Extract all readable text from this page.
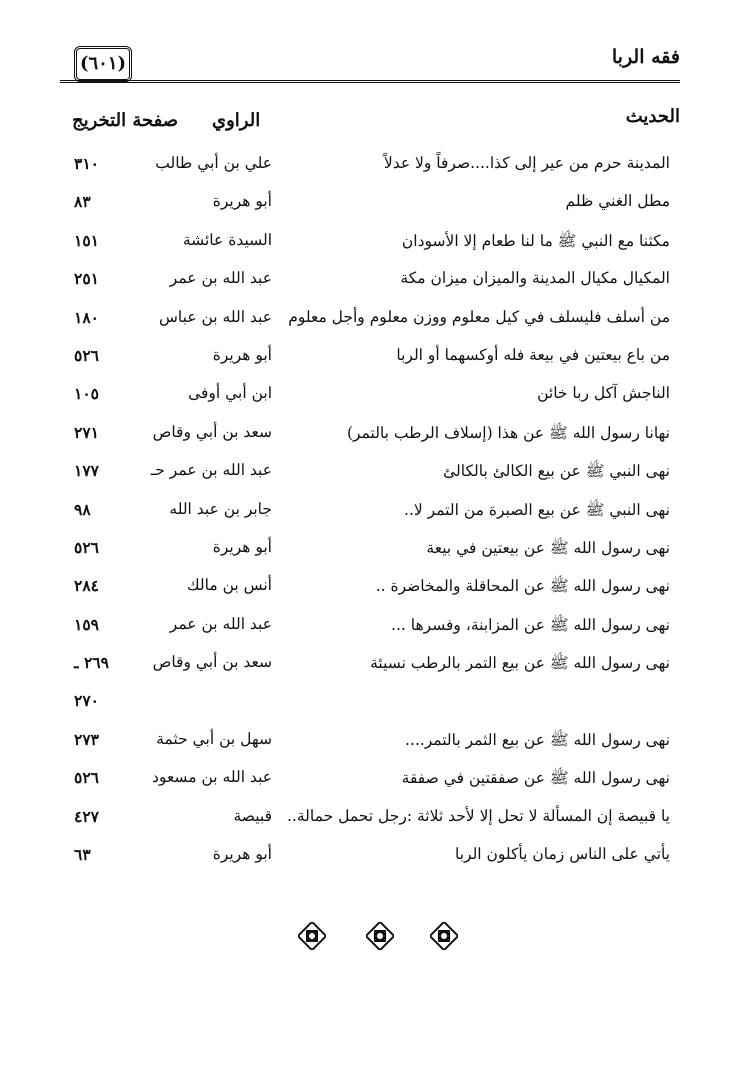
(٦٠١)	فقه الربا
الحديث
الراوي
صفحة التخريج
المدينة حرم من عير إلى كذا....صرفاً ولا عدلاً
علي بن أبي طالب
٣١٠
مطل الغني ظلم
أبو هريرة
٨٣
مكثنا مع النبي ﷺ ما لنا طعام إلا الأسودان
السيدة عائشة
١٥١
المكيال مكيال المدينة والميزان ميزان مكة
عبد الله بن عمر
٢٥١
من أسلف فليسلف في كيل معلوم ووزن معلوم وأجل معلوم
عبد الله بن عباس
١٨٠
من باع بيعتين في بيعة فله أوكسهما أو الربا
أبو هريرة
٥٢٦
الناجش آكل ربا خائن
ابن أبي أوفى
١٠٥
نهانا رسول الله ﷺ عن هذا (إسلاف الرطب بالتمر)
سعد بن أبي وقاص
٢٧١
نهى النبي ﷺ عن بيع الكالئ بالكالئ
عبد الله بن عمر حـ
١٧٧
نهى النبي ﷺ عن بيع الصبرة من التمر لا..
جابر بن عبد الله
٩٨
نهى رسول الله ﷺ عن بيعتين في بيعة
أبو هريرة
٥٢٦
نهى رسول الله ﷺ عن المحاقلة والمخاضرة ..
أنس بن مالك
٢٨٤
نهى رسول الله ﷺ عن المزابنة، وفسرها ...
عبد الله بن عمر
١٥٩
نهى رسول الله ﷺ عن بيع التمر بالرطب نسيئة
سعد بن أبي وقاص
٢٦٩ ـ
٢٧٠
نهى رسول الله ﷺ عن بيع الثمر بالتمر....
سهل بن أبي حثمة
٢٧٣
نهى رسول الله ﷺ عن صفقتين في صفقة
عبد الله بن مسعود
٥٢٦
يا قبيصة إن المسألة لا تحل إلا لأحد ثلاثة :رجل تحمل حمالة..
قبيصة
٤٢٧
يأتي على الناس زمان يأكلون الربا
أبو هريرة
٦٣
